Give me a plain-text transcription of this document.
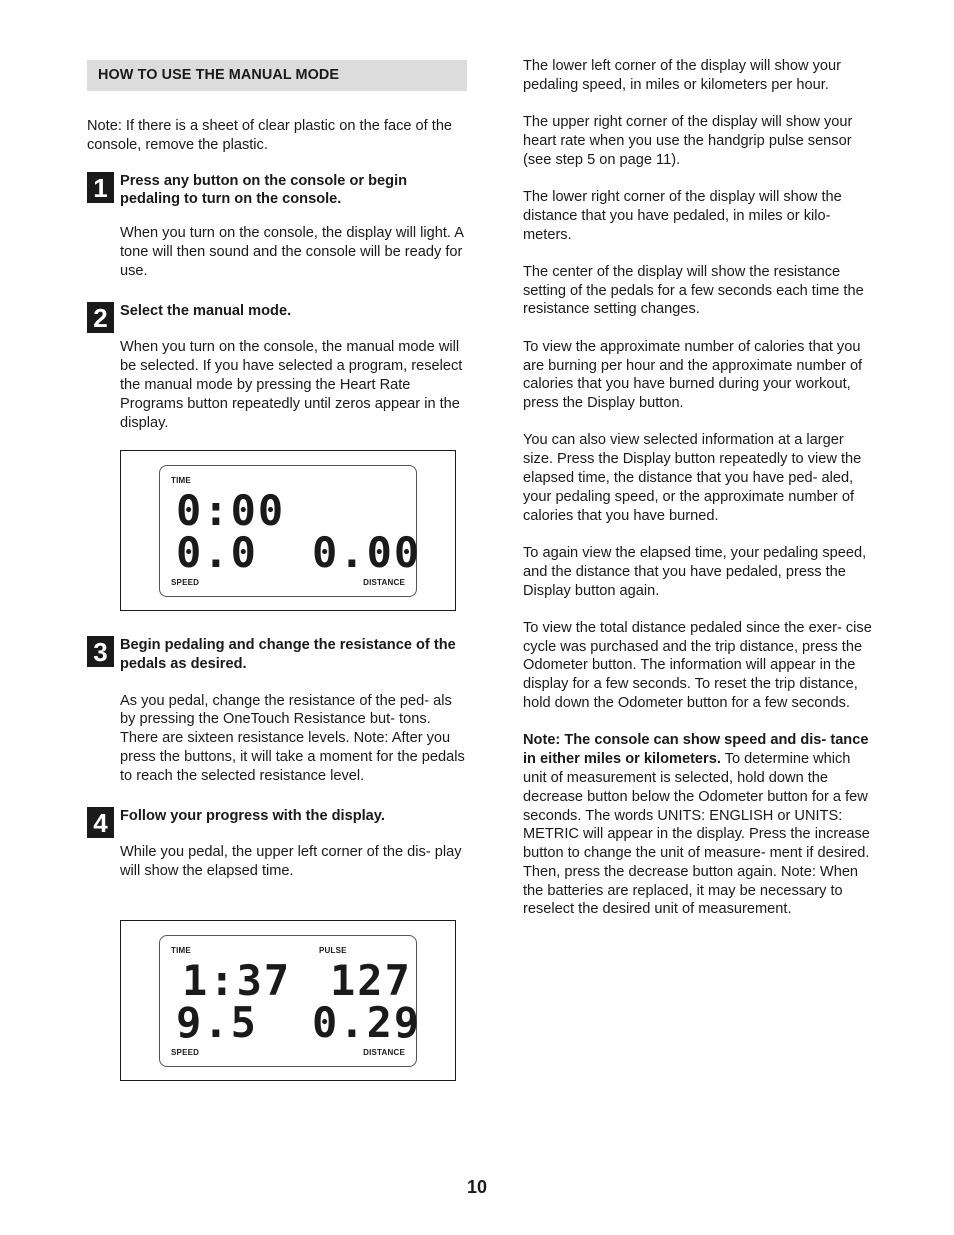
HOW TO USE THE MANUAL MODE

Note: If there is a sheet of clear plastic on the face of the console, remove the plastic.

1 Press any button on the console or begin pedaling to turn on the console.

When you turn on the console, the display will light. A tone will then sound and the console will be ready for use.

2 Select the manual mode.

When you turn on the console, the manual mode will be selected. If you have selected a program, reselect the manual mode by pressing the Heart Rate Programs button repeatedly until zeros appear in the display.

TIME
0:00
0.0 0.00
SPEED	DISTANCE
3 Begin pedaling and change the resistance of the pedals as desired.

As you pedal, change the resistance of the ped- als by pressing the OneTouch Resistance but- tons. There are sixteen resistance levels. Note: After you press the buttons, it will take a moment for the pedals to reach the selected resistance level.

4 Follow your progress with the display.

While you pedal, the upper left corner of the dis- play will show the elapsed time.

TIME	PULSE
1:37 127
9.5 0.29
SPEED	DISTANCE

The lower left corner of the display will show your pedaling speed, in miles or kilometers per hour.

The upper right corner of the display will show your heart rate when you use the handgrip pulse sensor (see step 5 on page 11).

The lower right corner of the display will show the distance that you have pedaled, in miles or kilo- meters.

The center of the display will show the resistance setting of the pedals for a few seconds each time the resistance setting changes.

To view the approximate number of calories that you are burning per hour and the approximate number of calories that you have burned during your workout, press the Display button.

You can also view selected information at a larger size. Press the Display button repeatedly to view the elapsed time, the distance that you have ped- aled, your pedaling speed, or the approximate number of calories that you have burned.

To again view the elapsed time, your pedaling speed, and the distance that you have pedaled, press the Display button again.

To view the total distance pedaled since the exer- cise cycle was purchased and the trip distance, press the Odometer button. The information will appear in the display for a few seconds. To reset the trip distance, hold down the Odometer button for a few seconds.

Note: The console can show speed and dis- tance in either miles or kilometers. To determine which unit of measurement is selected, hold down the decrease button below the Odometer button for a few seconds. The words UNITS: ENGLISH or UNITS: METRIC will appear in the display. Press the increase button to change the unit of measure- ment if desired. Then, press the decrease button again. Note: When the batteries are replaced, it may be necessary to reselect the desired unit of measurement.

10
